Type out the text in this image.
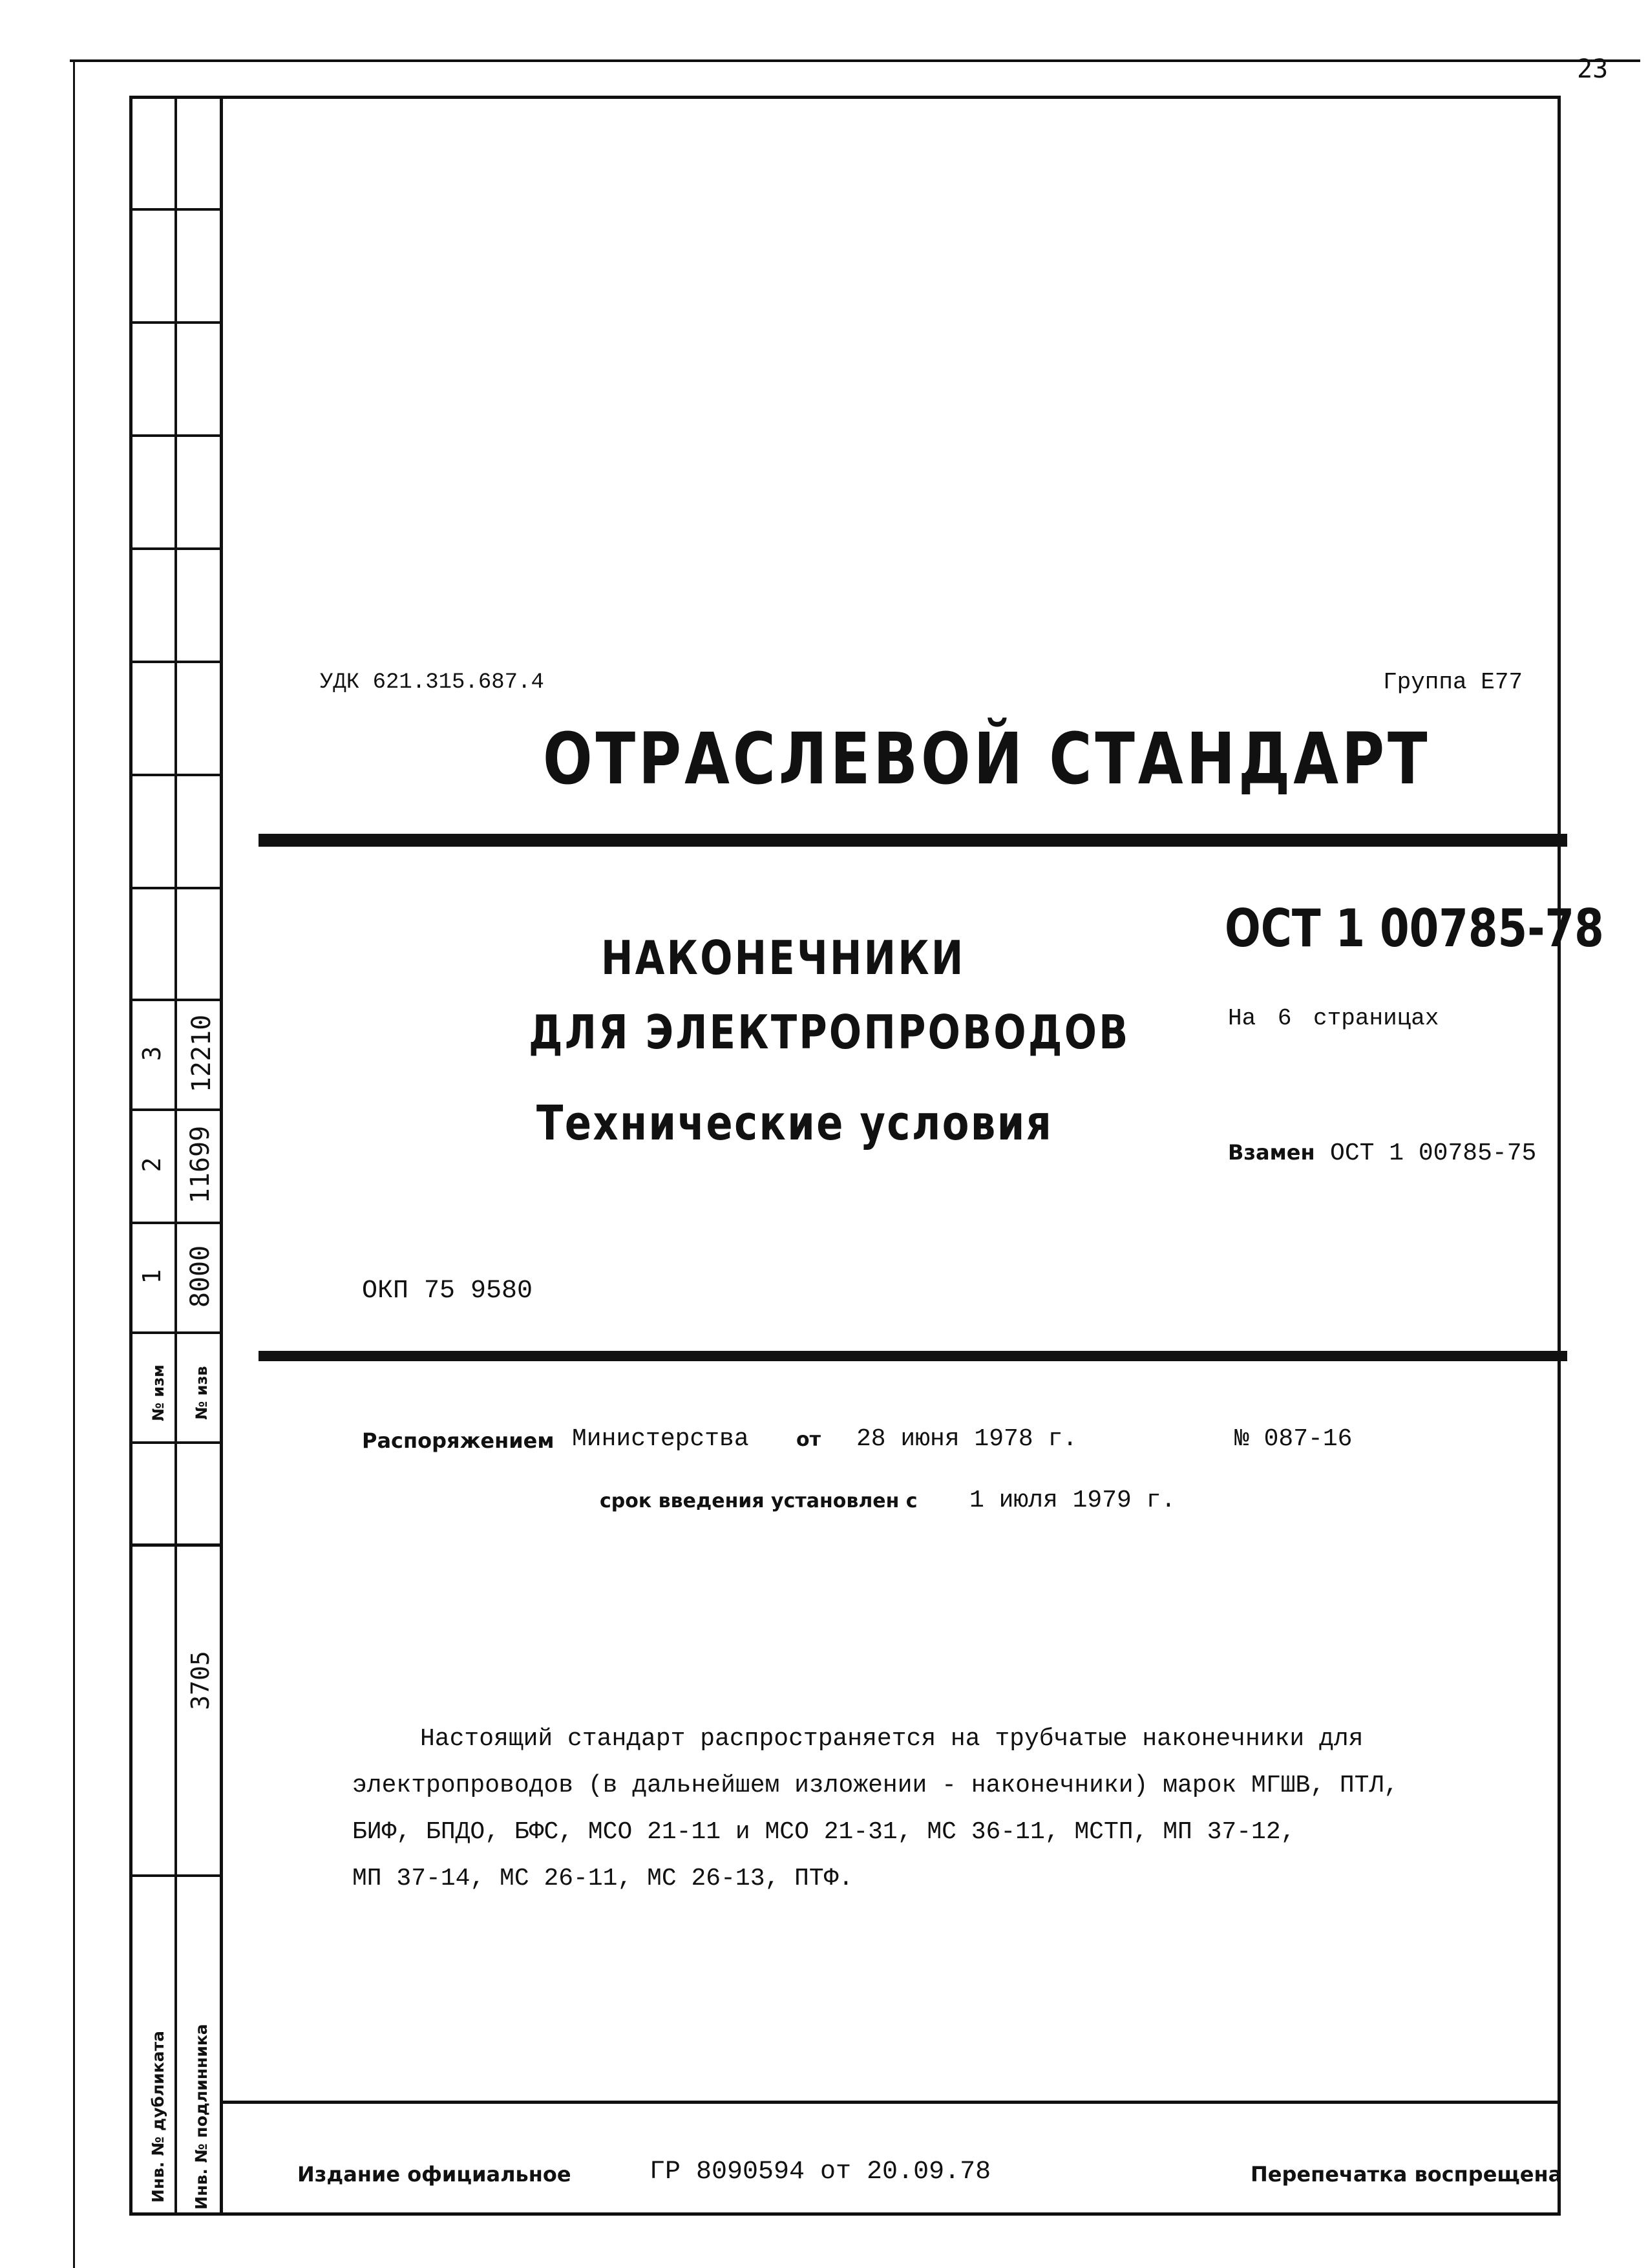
3 12210
2 11699
1 8000
№ изм	№ изв
3705
Инв. № дубликата	Инв. № подлинника
23
УДК 621.315.687.4	Группа Е77
ОТРАСЛЕВОЙ СТАНДАРТ
ОСТ 1 00785-78
НАКОНЕЧНИКИ
ДЛЯ ЭЛЕКТРОПРОВОДОВ
Технические условия
На 6 страницах
Взамен ОСТ 1 00785-75
ОКП 75 9580
Распоряжением Министерства от 28 июня 1978 г.	№ 087-16
срок введения установлен с 1 июля 1979 г.
Настоящий стандарт распространяется на трубчатые наконечники для
электропроводов (в дальнейшем изложении - наконечники) марок МГШВ, ПТЛ,
БИФ, БПДО, БФС, МСО 21-11 и МСО 21-31, МС 36-11, МСТП, МП 37-12,
МП 37-14, МС 26-11, МС 26-13, ПТФ.
Издание официальное	ГР 8090594 от 20.09.78	Перепечатка воспрещена
